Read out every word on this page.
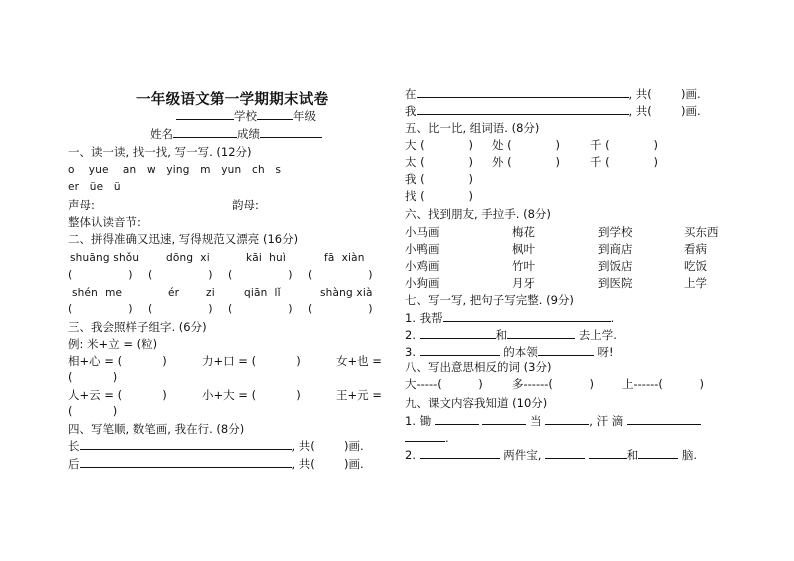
一年级语文第一学期期末试卷
学校	年级
姓名	成绩
一、读一读, 找一找, 写一写. (12分)
o    yue    an   w   ying   m   yun   ch   s
er   üe   ü
声母:	韵母:
整体认读音节:
二、拼得准确又迅速, 写得规范又漂亮 (16分)
shuāng shǒu	dōng  xi	kāi  huì	fā  xiàn
(                ) (                ) (                ) (                )
shén  me	ér	zi	qiān  lǐ	shàng xià
(                ) (                ) (                ) (                )
三、我会照样子组字. (6分)
例: 米+立 = (粒)
相+心 = (           )	力+口 = (           )	女+也 =
(           )
人+云 = (           )	小+大 = (           )	王+元 =
(           )
四、写笔顺, 数笔画, 我在行. (8分)
长	, 共(        )画.
后	, 共(        )画.
在	, 共(        )画.
我	, 共(        )画.
五、比一比, 组词语. (8分)
大 (            ) 处 (            )	千 (            )
太 (            ) 外 (            )	千 (            )
我 (            )
找 (            )
六、找到朋友, 手拉手. (8分)
小马画	梅花	到学校	买东西
小鸭画	枫叶	到商店	看病
小鸡画	竹叶	到饭店	吃饭
小狗画	月牙	到医院	上学
七、写一写, 把句子写完整. (9分)
1. 我帮	.
2.	和	去上学.
3.	的本领	呀!
八、写出意思相反的词 (3分)
大-----(          )	多------(          ) 上------(          )
九、课文内容我知道 (10分)
1. 锄	当	, 汗 滴
.
2.	两件宝,	和	脑.
